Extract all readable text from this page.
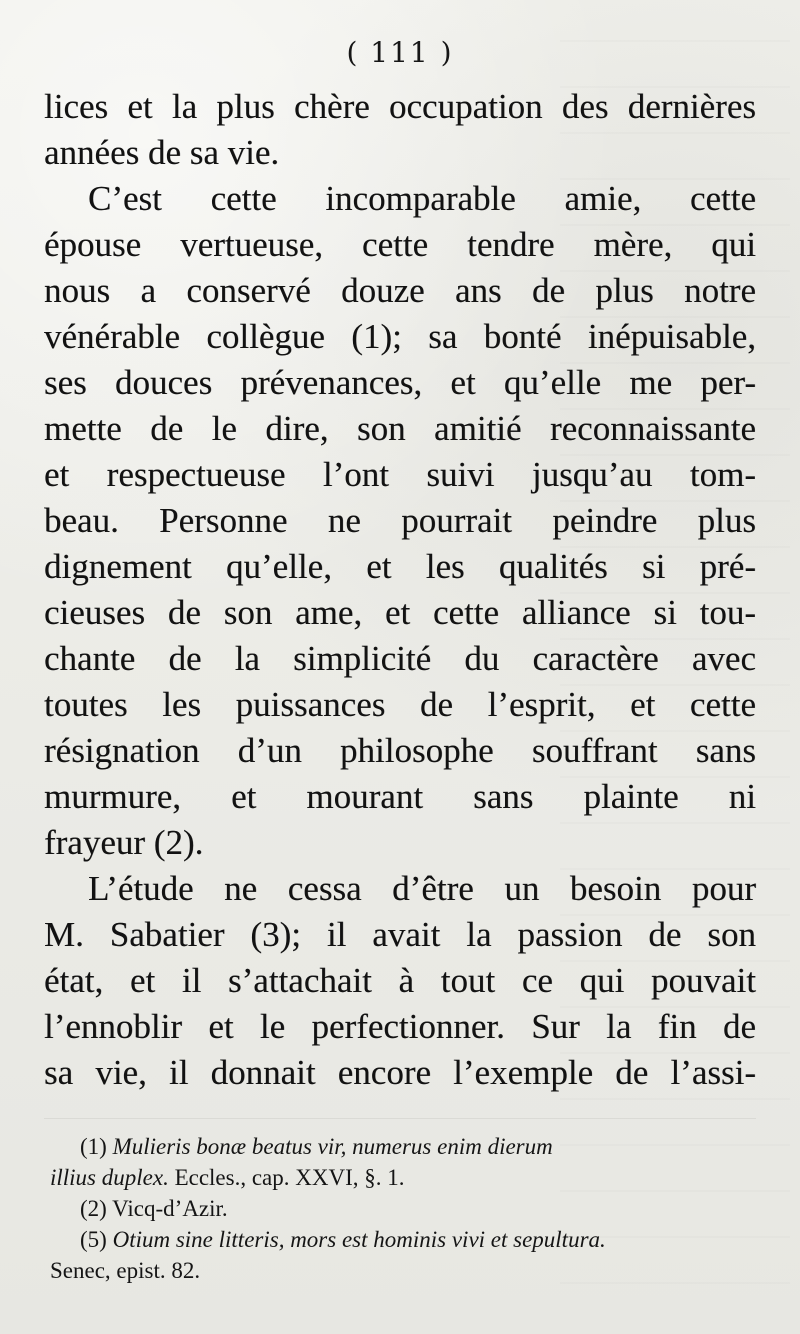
( 111 )
lices et la plus chère occupation des dernières
années de sa vie.
C’est cette incomparable amie, cette
épouse vertueuse, cette tendre mère, qui
nous a conservé douze ans de plus notre
vénérable collègue (1); sa bonté inépuisable,
ses douces prévenances, et qu’elle me per-
mette de le dire, son amitié reconnaissante
et respectueuse l’ont suivi jusqu’au tom-
beau. Personne ne pourrait peindre plus
dignement qu’elle, et les qualités si pré-
cieuses de son ame, et cette alliance si tou-
chante de la simplicité du caractère avec
toutes les puissances de l’esprit, et cette
résignation d’un philosophe souffrant sans
murmure, et mourant sans plainte ni
frayeur (2).
L’étude ne cessa d’être un besoin pour
M. Sabatier (3); il avait la passion de son
état, et il s’attachait à tout ce qui pouvait
l’ennoblir et le perfectionner. Sur la fin de
sa vie, il donnait encore l’exemple de l’assi-
(1) Mulieris bonæ beatus vir, numerus enim dierum
illius duplex. Eccles., cap. XXVI, §. 1.
(2) Vicq-d’Azir.
(5) Otium sine litteris, mors est hominis vivi et sepultura.
Senec, epist. 82.
